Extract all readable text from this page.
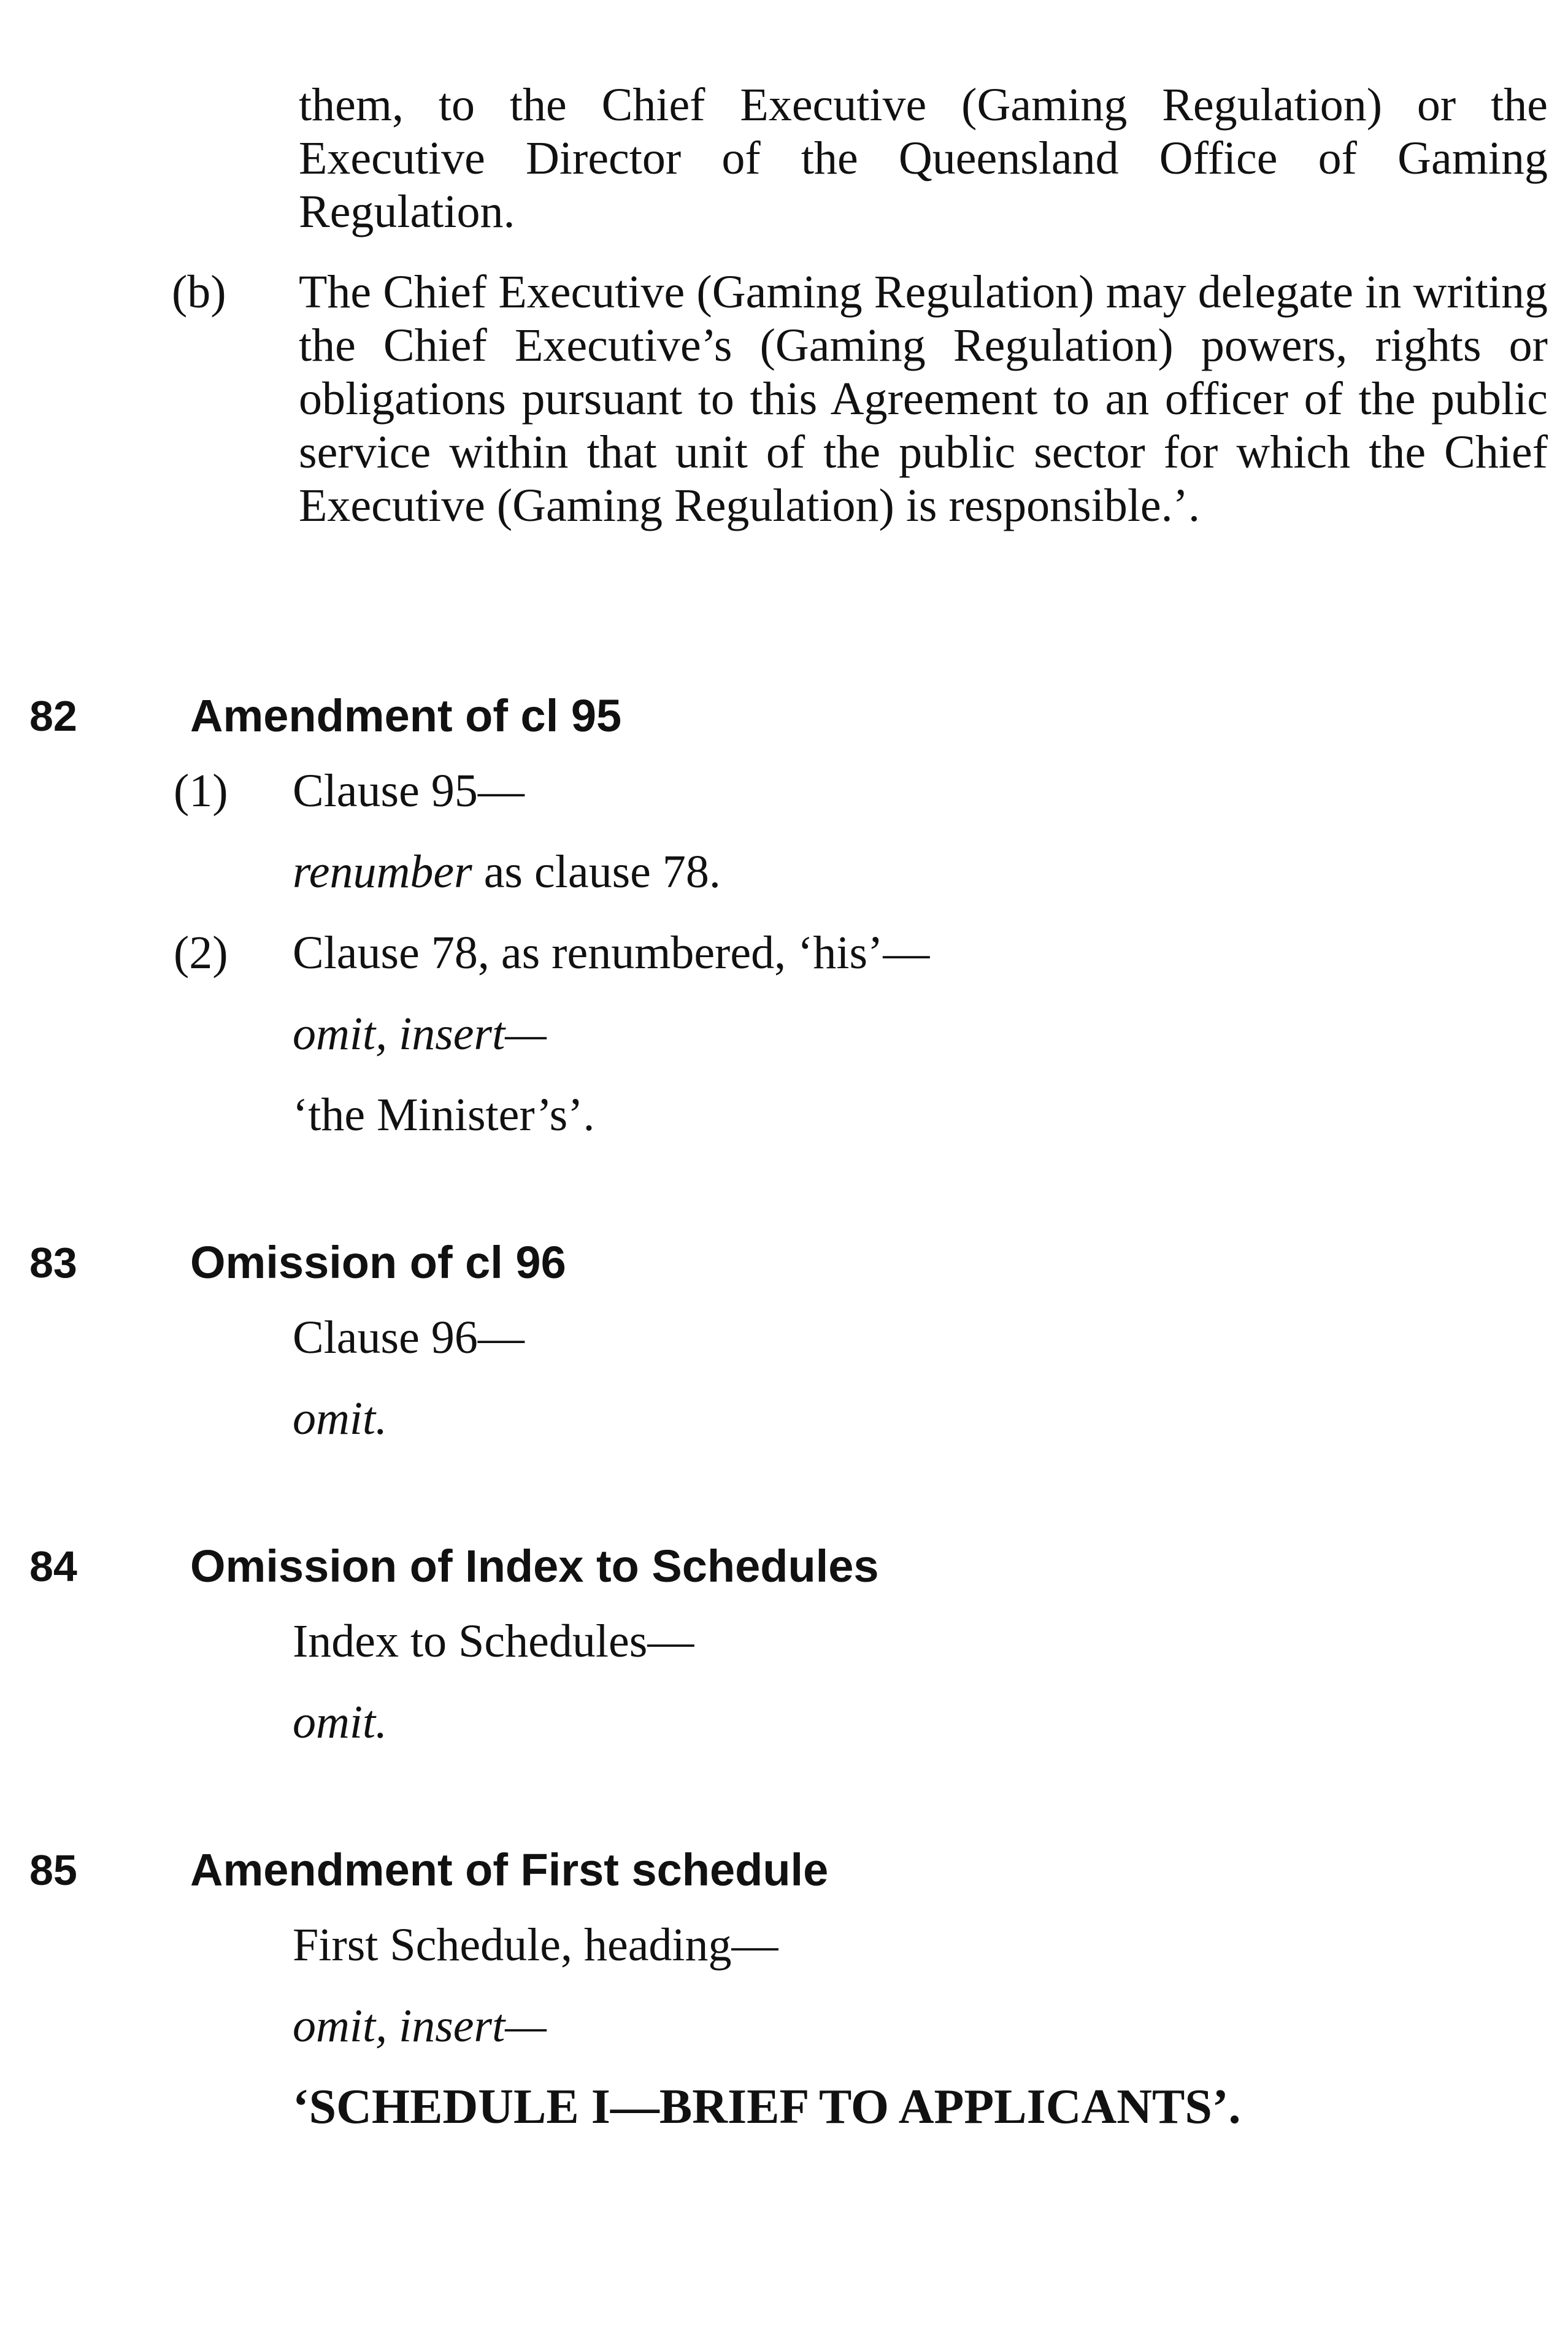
them, to the Chief Executive (Gaming Regulation) or the Executive Director of the Queensland Office of Gaming Regulation.
(b) The Chief Executive (Gaming Regulation) may delegate in writing the Chief Executive’s (Gaming Regulation) powers, rights or obligations pursuant to this Agreement to an officer of the public service within that unit of the public sector for which the Chief Executive (Gaming Regulation) is responsible.’.
82 Amendment of cl 95
(1) Clause 95—
renumber as clause 78.
(2) Clause 78, as renumbered, ‘his’—
omit, insert—
‘the Minister’s’.
83 Omission of cl 96
Clause 96—
omit.
84 Omission of Index to Schedules
Index to Schedules—
omit.
85 Amendment of First schedule
First Schedule, heading—
omit, insert—
‘SCHEDULE I—BRIEF TO APPLICANTS’.
